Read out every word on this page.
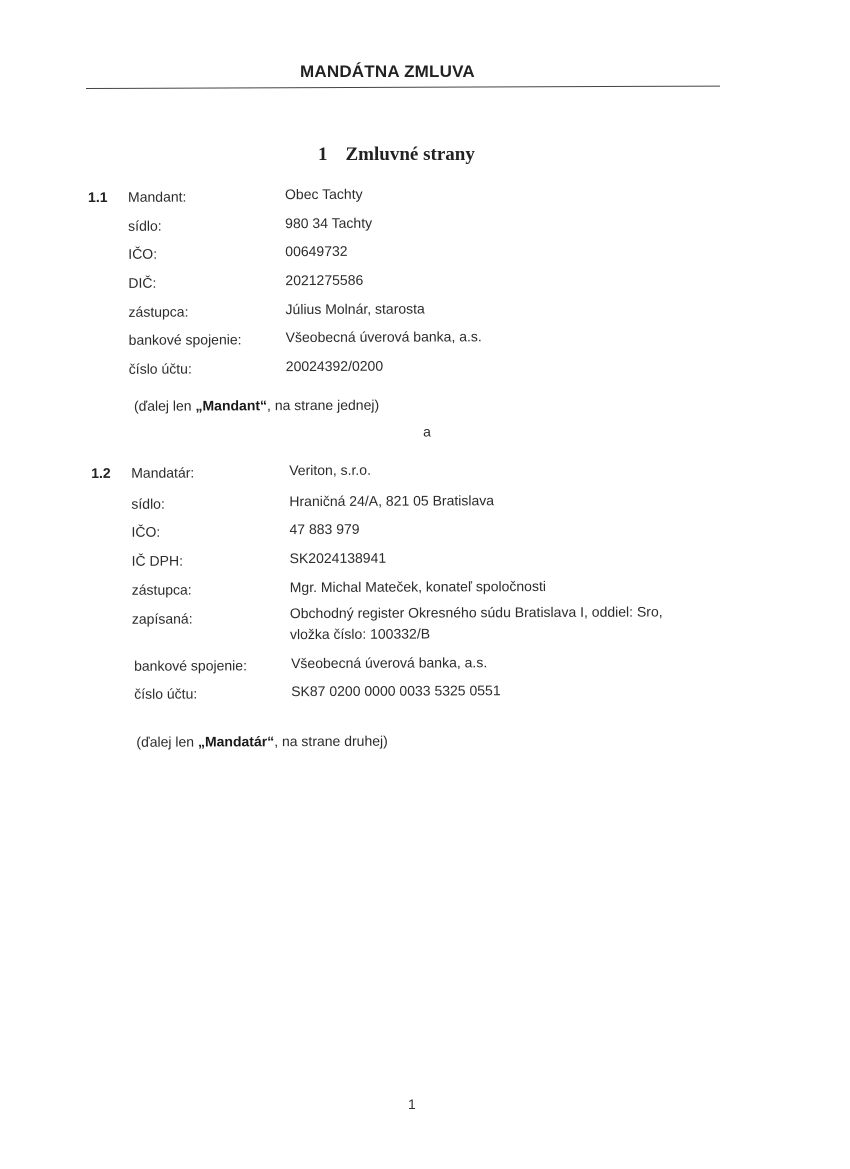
MANDÁTNA ZMLUVA
1 Zmluvné strany
1.1 Mandant:	Obec Tachty
sídlo:	980 34 Tachty
IČO:	00649732
DIČ:	2021275586
zástupca:	Július Molnár, starosta
bankové spojenie:	Všeobecná úverová banka, a.s.
číslo účtu:	20024392/0200
(ďalej len „Mandant“, na strane jednej)
a
1.2 Mandatár:	Veriton, s.r.o.
sídlo:	Hraničná 24/A, 821 05 Bratislava
IČO:	47 883 979
IČ DPH:	SK2024138941
zástupca:	Mgr. Michal Mateček, konateľ spoločnosti
zapísaná:	Obchodný register Okresného súdu Bratislava I, oddiel: Sro,
vložka číslo: 100332/B
bankové spojenie:	Všeobecná úverová banka, a.s.
číslo účtu:	SK87 0200 0000 0033 5325 0551
(ďalej len „Mandatár“, na strane druhej)
1
